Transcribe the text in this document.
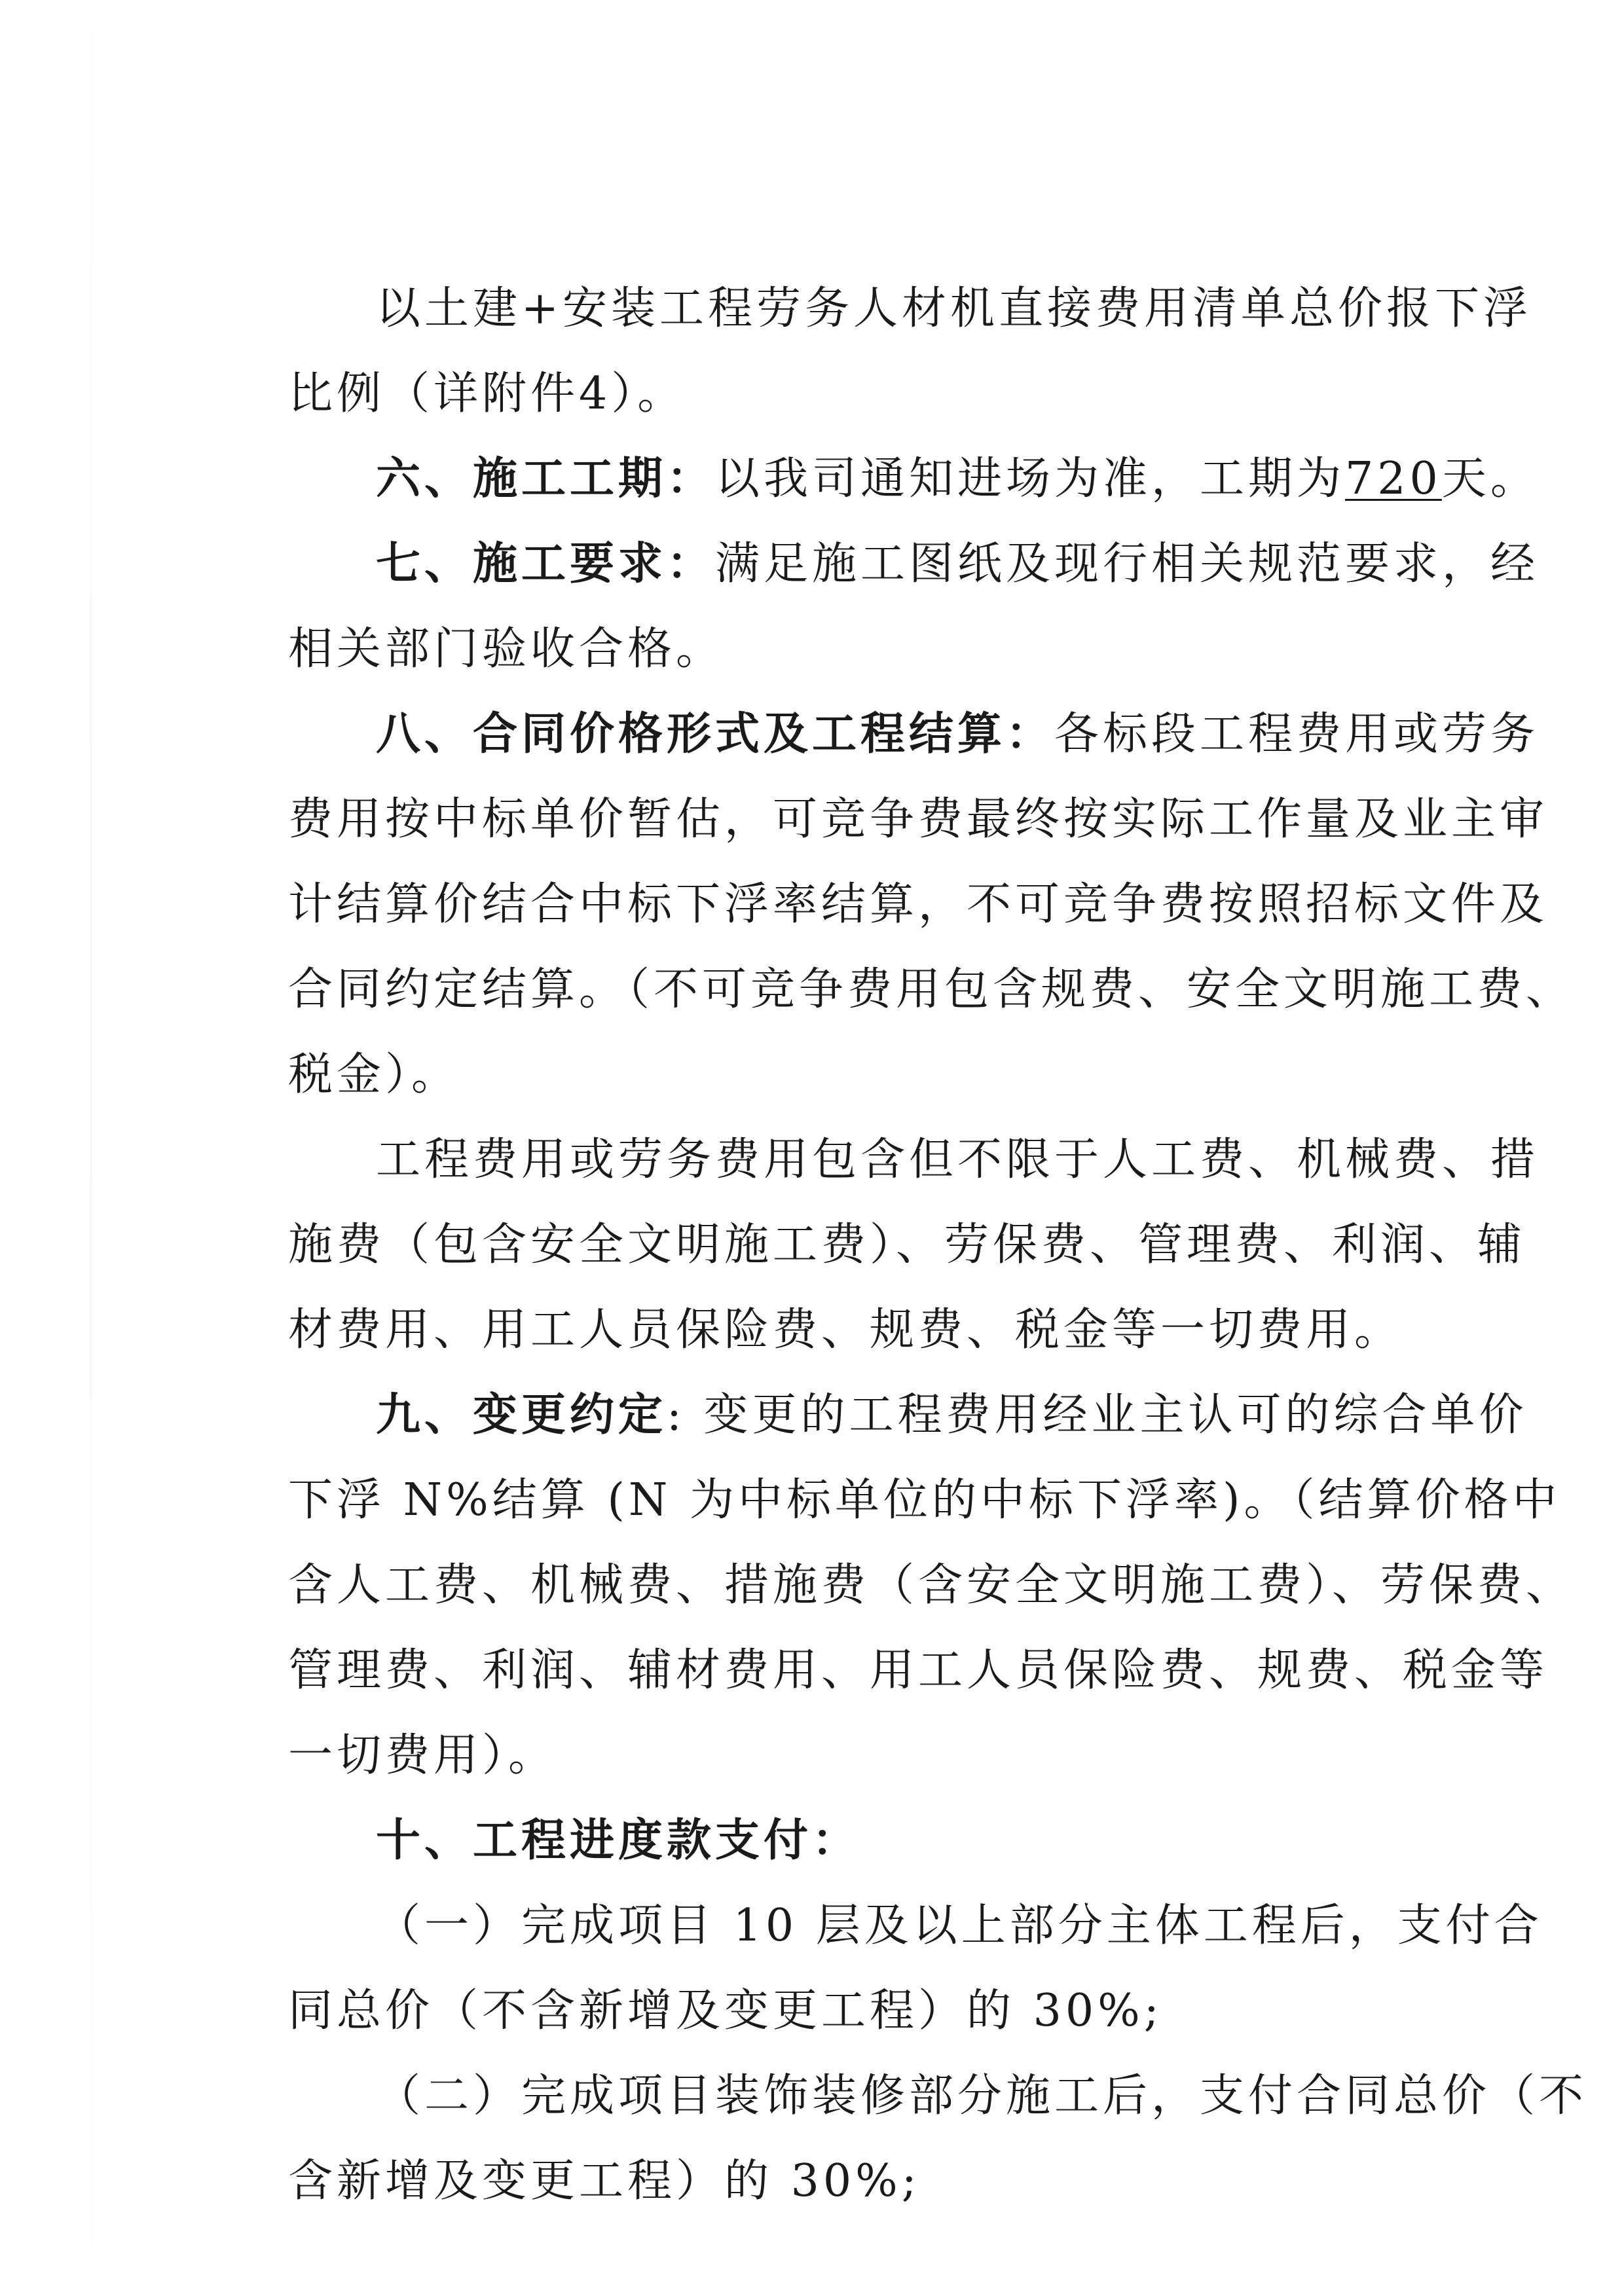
以土建+安装工程劳务人材机直接费用清单总价报下浮
比例（详附件4）。
六、施工工期：以我司通知进场为准，工期为720天。
七、施工要求：满足施工图纸及现行相关规范要求，经
相关部门验收合格。
八、合同价格形式及工程结算：各标段工程费用或劳务
费用按中标单价暂估，可竞争费最终按实际工作量及业主审
计结算价结合中标下浮率结算，不可竞争费按照招标文件及
合同约定结算。（不可竞争费用包含规费、安全文明施工费、
税金）。
工程费用或劳务费用包含但不限于人工费、机械费、措
施费（包含安全文明施工费）、劳保费、管理费、利润、辅
材费用、用工人员保险费、规费、税金等一切费用。
九、变更约定: 变更的工程费用经业主认可的综合单价
下浮 N%结算 (N 为中标单位的中标下浮率)。（结算价格中
含人工费、机械费、措施费（含安全文明施工费）、劳保费、
管理费、利润、辅材费用、用工人员保险费、规费、税金等
一切费用）。
十、工程进度款支付：
（一）完成项目 10 层及以上部分主体工程后，支付合
同总价（不含新增及变更工程）的 30%;
（二）完成项目装饰装修部分施工后，支付合同总价（不
含新增及变更工程）的 30%;
